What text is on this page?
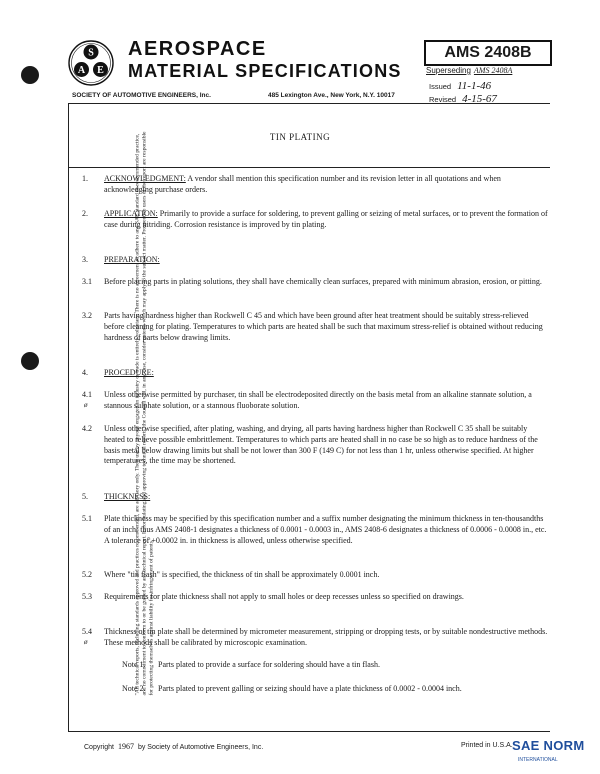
S
A E
AEROSPACE
MATERIAL SPECIFICATIONS
AMS 2408B
Superseding AMS 2408A
SOCIETY OF AUTOMOTIVE ENGINEERS, Inc.	485 Lexington Ave., New York, N.Y. 10017
Issued 11-1-46
Revised 4-15-67
"All technical reports, including standards approved and practices recommended, are advisory only. Their use by anyone engaged in industry or trade is entirely voluntary. There is no agreement to adhere to any SAE standard or recommended practice, and no commitment to conform to or be guided by any technical report. In formulating and approving technical reports, the Council will, in any case, consider patents which may apply to the subject matter. Prospective users of the report are responsible for protecting themselves against liability for infringement of patents."
TIN PLATING
1. ACKNOWLEDGMENT: A vendor shall mention this specification number and its revision letter in all quotations and when acknowledging purchase orders.
2. APPLICATION: Primarily to provide a surface for soldering, to prevent galling or seizing of metal surfaces, or to prevent the formation of case during nitriding. Corrosion resistance is improved by tin plating.
3. PREPARATION:
3.1 Before placing parts in plating solutions, they shall have chemically clean surfaces, prepared with minimum abrasion, erosion, or pitting.
3.2 Parts having hardness higher than Rockwell C 45 and which have been ground after heat treatment should be suitably stress-relieved before cleaning for plating. Temperatures to which parts are heated shall be such that maximum stress-relief is obtained without reducing hardness of parts below drawing limits.
4. PROCEDURE:
4.1
ø
Unless otherwise permitted by purchaser, tin shall be electrodeposited directly on the basis metal from an alkaline stannate solution, a stannous sulphate solution, or a stannous fluoborate solution.
4.2 Unless otherwise specified, after plating, washing, and drying, all parts having hardness higher than Rockwell C 35 shall be suitably heated to relieve possible embrittlement. Temperatures to which parts are heated shall in no case be so high as to reduce hardness of the basis metal below drawing limits but shall be not lower than 300 F (149 C) for not less than 1 hr, unless otherwise specified. At higher temperatures, the time may be shortened.
5. THICKNESS:
5.1 Plate thickness may be specified by this specification number and a suffix number designating the minimum thickness in ten-thousandths of an inch; thus AMS 2408-1 designates a thickness of 0.0001 - 0.0003 in., AMS 2408-6 designates a thickness of 0.0006 - 0.0008 in., etc. A tolerance of +0.0002 in. in thickness is allowed, unless otherwise specified.
5.2 Where "tin flash" is specified, the thickness of tin shall be approximately 0.0001 inch.
5.3 Requirements for plate thickness shall not apply to small holes or deep recesses unless so specified on drawings.
5.4
ø
Thickness of tin plate shall be determined by micrometer measurement, stripping or dropping tests, or by suitable nondestructive methods. These methods shall be calibrated by microscopic examination.
Note 1. Parts plated to provide a surface for soldering should have a tin flash.
Note 2. Parts plated to prevent galling or seizing should have a plate thickness of 0.0002 - 0.0004 inch.
Copyright 1967 by Society of Automotive Engineers, Inc.	Printed in U.S.A. SAE NORM
INTERNATIONAL
